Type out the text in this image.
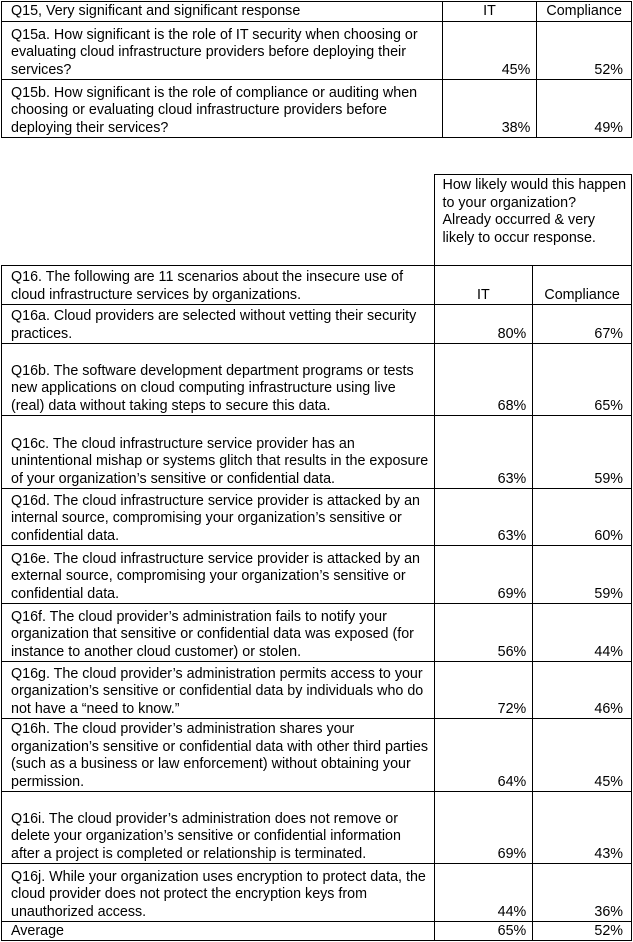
Q15, Very significant and significant response	IT	Compliance
Q15a. How significant is the role of IT security when choosing or evaluating cloud infrastructure providers before deploying their services?	45%	52%
Q15b. How significant is the role of compliance or auditing when choosing or evaluating cloud infrastructure providers before deploying their services?	38%	49%
	How likely would this happen to your organization? Already occurred & very likely to occur response.	
Q16. The following are 11 scenarios about the insecure use of cloud infrastructure services by organizations.	IT	Compliance
Q16a. Cloud providers are selected without vetting their security practices.	80%	67%
Q16b. The software development department programs or tests new applications on cloud computing infrastructure using live (real) data without taking steps to secure this data.	68%	65%
Q16c. The cloud infrastructure service provider has an unintentional mishap or systems glitch that results in the exposure of your organization’s sensitive or confidential data.	63%	59%
Q16d. The cloud infrastructure service provider is attacked by an internal source, compromising your organization’s sensitive or confidential data.	63%	60%
Q16e. The cloud infrastructure service provider is attacked by an external source, compromising your organization’s sensitive or confidential data.	69%	59%
Q16f. The cloud provider’s administration fails to notify your organization that sensitive or confidential data was exposed (for instance to another cloud customer) or stolen.	56%	44%
Q16g. The cloud provider’s administration permits access to your organization’s sensitive or confidential data by individuals who do not have a “need to know.”	72%	46%
Q16h. The cloud provider’s administration shares your organization’s sensitive or confidential data with other third parties (such as a business or law enforcement) without obtaining your permission.	64%	45%
Q16i. The cloud provider’s administration does not remove or delete your organization’s sensitive or confidential information after a project is completed or relationship is terminated.	69%	43%
Q16j. While your organization uses encryption to protect data, the cloud provider does not protect the encryption keys from unauthorized access.	44%	36%
Average	65%	52%
